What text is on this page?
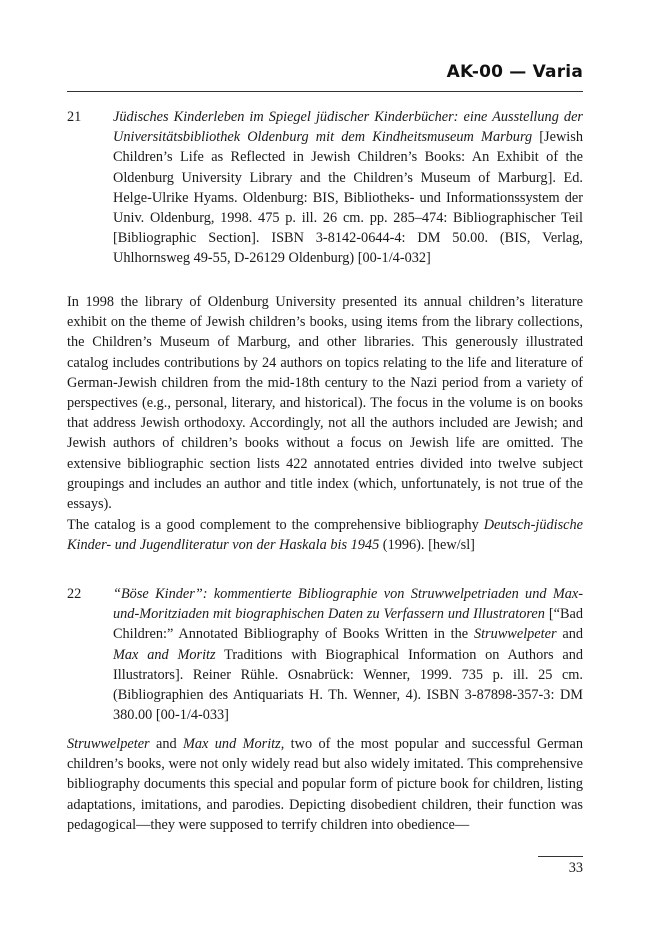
AK-00 — Varia
21	Jüdisches Kinderleben im Spiegel jüdischer Kinderbücher: eine Ausstellung der Universitätsbibliothek Oldenburg mit dem Kindheitsmuseum Marburg [Jewish Children’s Life as Reflected in Jewish Children’s Books: An Exhibit of the Oldenburg University Library and the Children’s Museum of Marburg]. Ed. Helge-Ulrike Hyams. Oldenburg: BIS, Bibliotheks- und Informationssystem der Univ. Oldenburg, 1998. 475 p. ill. 26 cm. pp. 285–474: Bibliographischer Teil [Bibliographic Section]. ISBN 3-8142-0644-4: DM 50.00. (BIS, Verlag, Uhlhornsweg 49-55, D-26129 Oldenburg) [00-1/4-032]

In 1998 the library of Oldenburg University presented its annual children’s literature exhibit on the theme of Jewish children’s books, using items from the library collections, the Children’s Museum of Marburg, and other libraries. This generously illustrated catalog includes contributions by 24 authors on topics relating to the life and literature of German-Jewish children from the mid-18th century to the Nazi period from a variety of perspectives (e.g., personal, literary, and historical). The focus in the volume is on books that address Jewish orthodoxy. Accordingly, not all the authors included are Jewish; and Jewish authors of children’s books without a focus on Jewish life are omitted. The extensive bibliographic section lists 422 annotated entries divided into twelve subject groupings and includes an author and title index (which, unfortunately, is not true of the essays).

The catalog is a good complement to the comprehensive bibliography Deutsch-jüdische Kinder- und Jugendliteratur von der Haskala bis 1945 (1996). [hew/sl]

22	“Böse Kinder”: kommentierte Bibliographie von Struwwelpetriaden und Max-und-Moritziaden mit biographischen Daten zu Verfassern und Illustratoren [“Bad Children:” Annotated Bibliography of Books Written in the Struwwelpeter and Max and Moritz Traditions with Biographical Information on Authors and Illustrators]. Reiner Rühle. Osnabrück: Wenner, 1999. 735 p. ill. 25 cm. (Bibliographien des Antiquariats H. Th. Wenner, 4). ISBN 3-87898-357-3: DM 380.00 [00-1/4-033]

Struwwelpeter and Max und Moritz, two of the most popular and successful German children’s books, were not only widely read but also widely imitated. This comprehensive bibliography documents this special and popular form of picture book for children, listing adaptations, imitations, and parodies. Depicting disobedient children, their function was pedagogical—they were supposed to terrify children into obedience—

33
